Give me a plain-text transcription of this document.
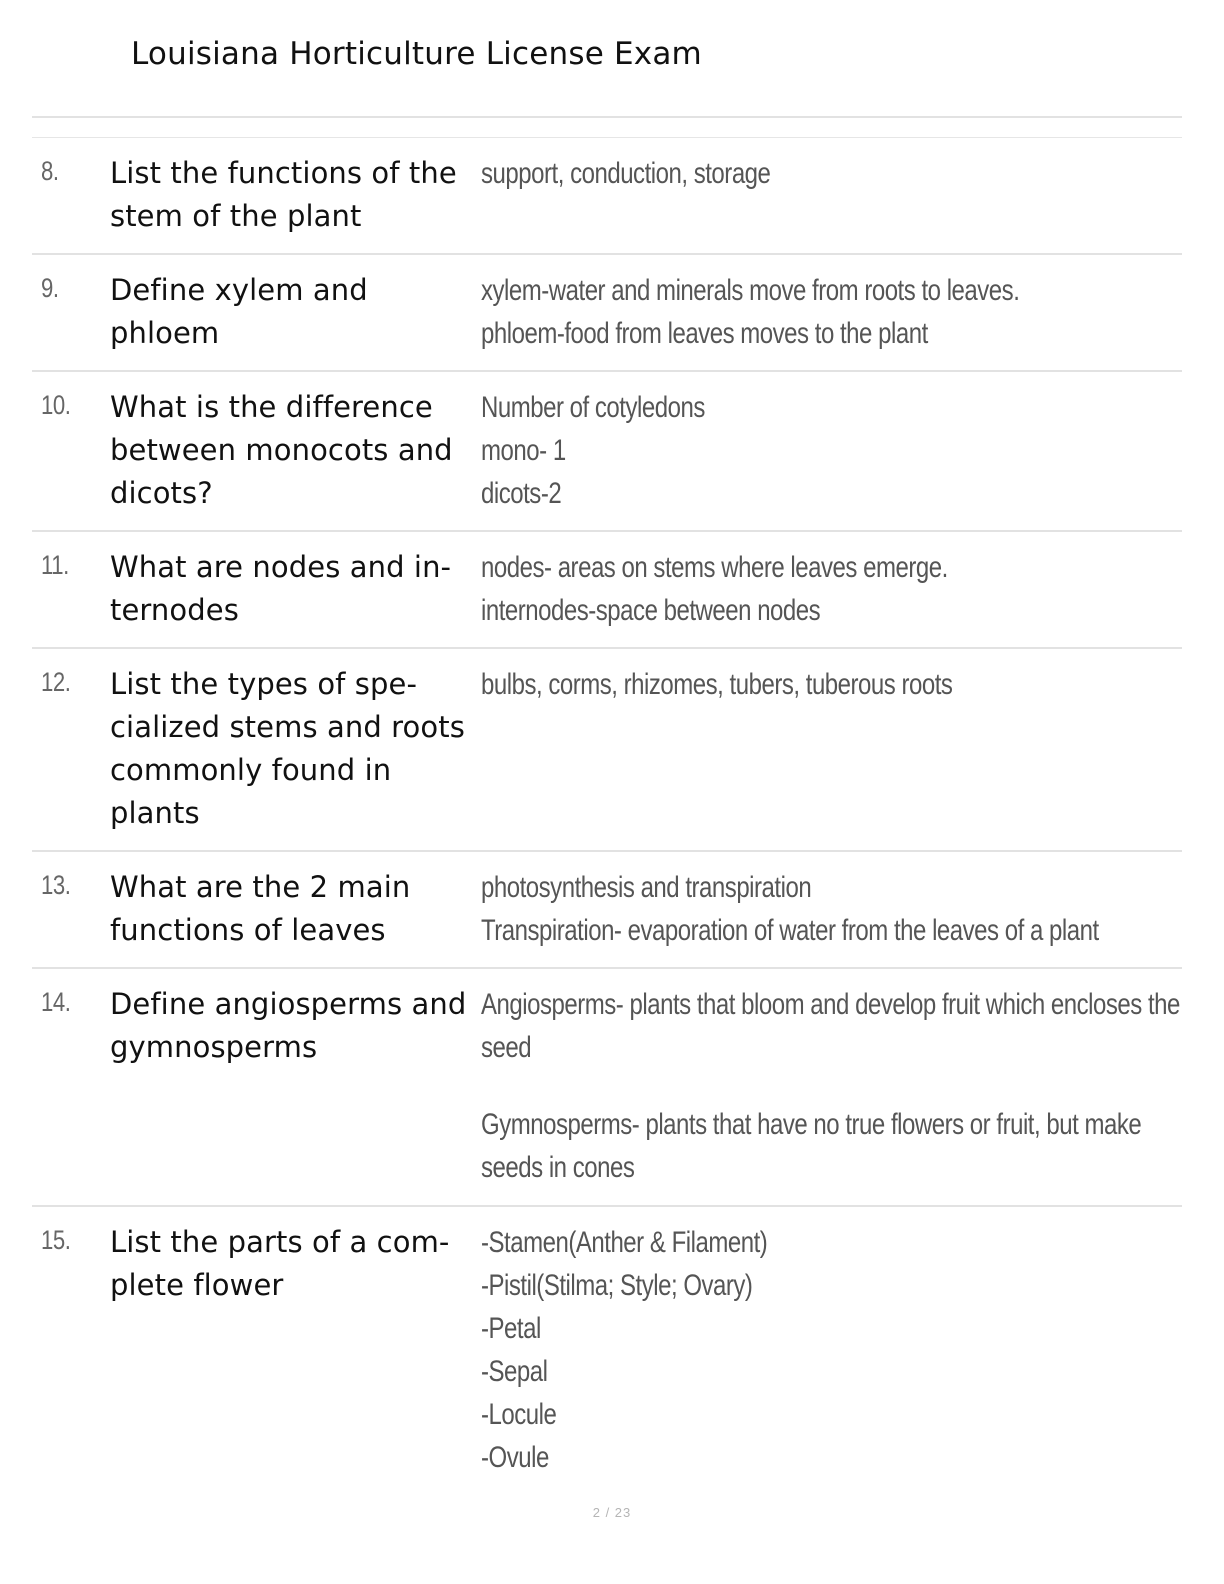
Louisiana Horticulture License Exam
8. List the functions of the
stem of the plant
support, conduction, storage
9. Define xylem and
phloem
xylem-water and minerals move from roots to leaves.
phloem-food from leaves moves to the plant
10. What is the difference
between monocots and
dicots?
Number of cotyledons
mono- 1
dicots-2
11. What are nodes and in-
ternodes
nodes- areas on stems where leaves emerge.
internodes-space between nodes
12. List the types of spe-
cialized stems and roots
commonly found in
plants
bulbs, corms, rhizomes, tubers, tuberous roots
13. What are the 2 main
functions of leaves
photosynthesis and transpiration
Transpiration- evaporation of water from the leaves of a plant
14. Define angiosperms and
gymnosperms
Angiosperms- plants that bloom and develop fruit which encloses the
seed
Gymnosperms- plants that have no true flowers or fruit, but make
seeds in cones
15. List the parts of a com-
plete flower
-Stamen(Anther & Filament)
-Pistil(Stilma; Style; Ovary)
-Petal
-Sepal
-Locule
-Ovule
2 / 23
